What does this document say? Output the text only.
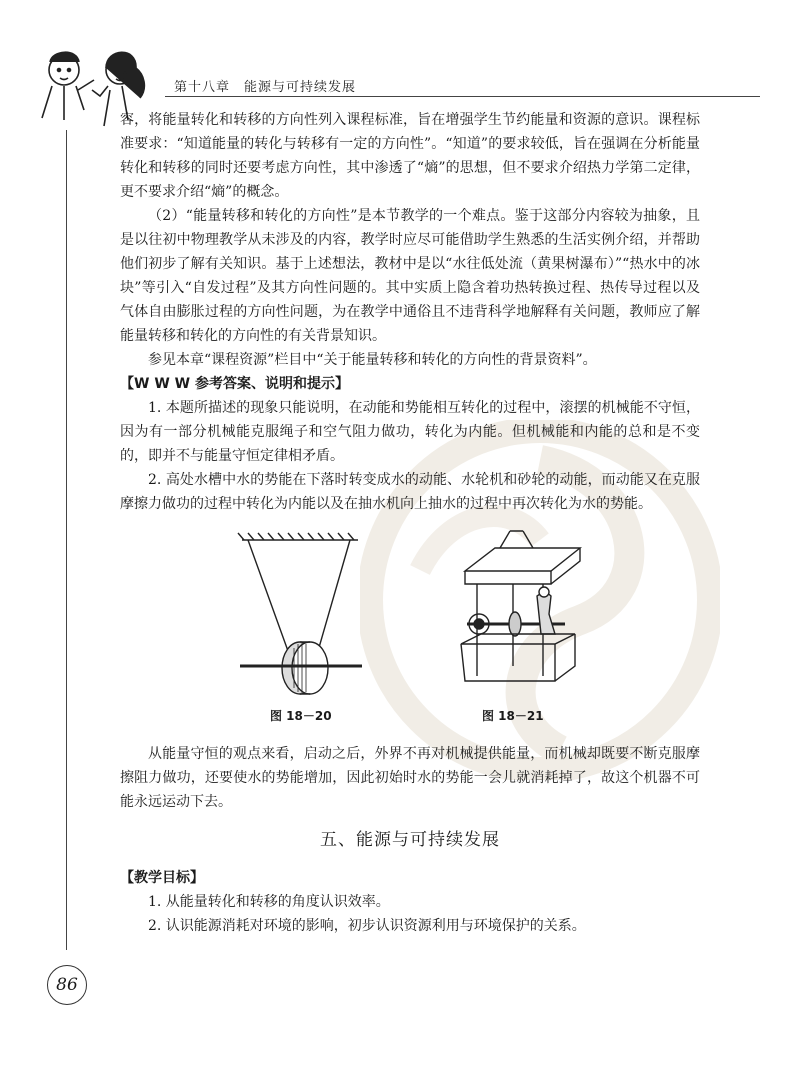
第十八章　能源与可持续发展

容，将能量转化和转移的方向性列入课程标准，旨在增强学生节约能量和资源的意识。课程标准要求：“知道能量的转化与转移有一定的方向性”。“知道”的要求较低，旨在强调在分析能量转化和转移的同时还要考虑方向性，其中渗透了“熵”的思想，但不要求介绍热力学第二定律，更不要求介绍“熵”的概念。

（2）“能量转移和转化的方向性”是本节教学的一个难点。鉴于这部分内容较为抽象，且是以往初中物理教学从未涉及的内容，教学时应尽可能借助学生熟悉的生活实例介绍，并帮助他们初步了解有关知识。基于上述想法，教材中是以“水往低处流（黄果树瀑布）”“热水中的冰块”等引入“自发过程”及其方向性问题的。其中实质上隐含着功热转换过程、热传导过程以及气体自由膨胀过程的方向性问题，为在教学中通俗且不违背科学地解释有关问题，教师应了解能量转移和转化的方向性的有关背景知识。

参见本章“课程资源”栏目中“关于能量转移和转化的方向性的背景资料”。

【W W W 参考答案、说明和提示】

1. 本题所描述的现象只能说明，在动能和势能相互转化的过程中，滚摆的机械能不守恒，因为有一部分机械能克服绳子和空气阻力做功，转化为内能。但机械能和内能的总和是不变的，即并不与能量守恒定律相矛盾。

2. 高处水槽中水的势能在下落时转变成水的动能、水轮机和砂轮的动能，而动能又在克服摩擦力做功的过程中转化为内能以及在抽水机向上抽水的过程中再次转化为水的势能。

图 18－20	图 18－21

从能量守恒的观点来看，启动之后，外界不再对机械提供能量，而机械却既要不断克服摩擦阻力做功，还要使水的势能增加，因此初始时水的势能一会儿就消耗掉了，故这个机器不可能永远运动下去。

五、能源与可持续发展

【教学目标】

1. 从能量转化和转移的角度认识效率。

2. 认识能源消耗对环境的影响，初步认识资源利用与环境保护的关系。

86
